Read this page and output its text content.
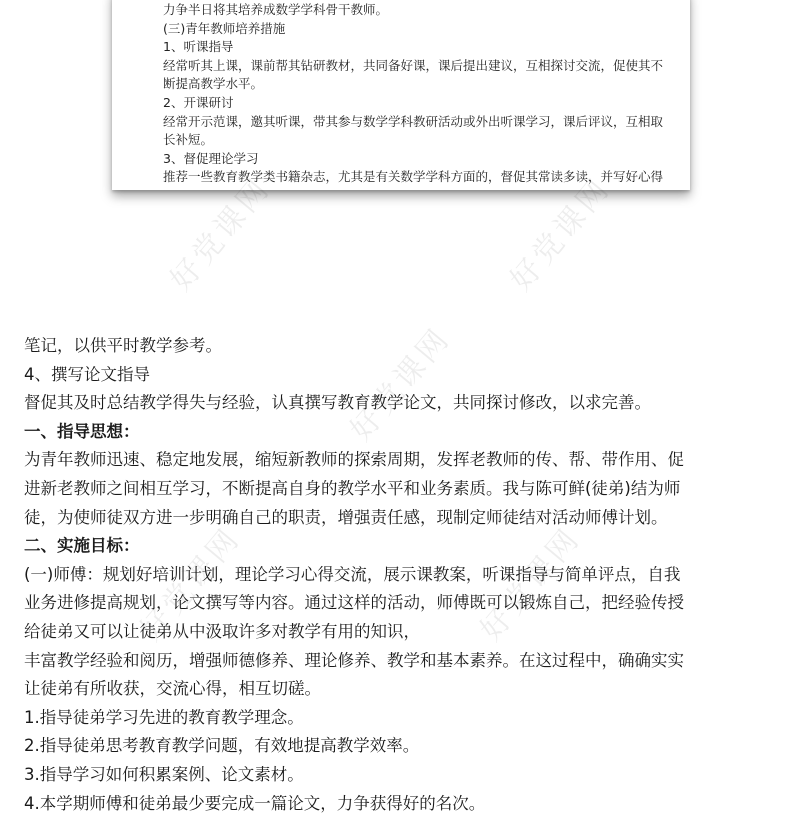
力争半日将其培养成数学学科骨干教师。
(三)青年教师培养措施
1、听课指导
经常听其上课，课前帮其钻研教材，共同备好课，课后提出建议，互相探讨交流，促使其不
断提高教学水平。
2、开课研讨
经常开示范课，邀其听课，带其参与数学学科教研活动或外出听课学习，课后评议，互相取
长补短。
3、督促理论学习
推荐一些教育教学类书籍杂志，尤其是有关数学学科方面的，督促其常读多读，并写好心得
笔记，以供平时教学参考。
4、撰写论文指导
督促其及时总结教学得失与经验，认真撰写教育教学论文，共同探讨修改，以求完善。
一、指导思想：
为青年教师迅速、稳定地发展，缩短新教师的探索周期，发挥老教师的传、帮、带作用、促
进新老教师之间相互学习，不断提高自身的教学水平和业务素质。我与陈可鲜(徒弟)结为师
徒，为使师徒双方进一步明确自己的职责，增强责任感，现制定师徒结对活动师傅计划。
二、实施目标：
(一)师傅：规划好培训计划，理论学习心得交流，展示课教案，听课指导与简单评点，自我
业务进修提高规划，论文撰写等内容。通过这样的活动，师傅既可以锻炼自己，把经验传授
给徒弟又可以让徒弟从中汲取许多对教学有用的知识，
丰富教学经验和阅历，增强师德修养、理论修养、教学和基本素养。在这过程中，确确实实
让徒弟有所收获，交流心得，相互切磋。
1.指导徒弟学习先进的教育教学理念。
2.指导徒弟思考教育教学问题，有效地提高教学效率。
3.指导学习如何积累案例、论文素材。
4.本学期师傅和徒弟最少要完成一篇论文，力争获得好的名次。
好党课网	好党课网
好党课网
好党课网	好党课网
